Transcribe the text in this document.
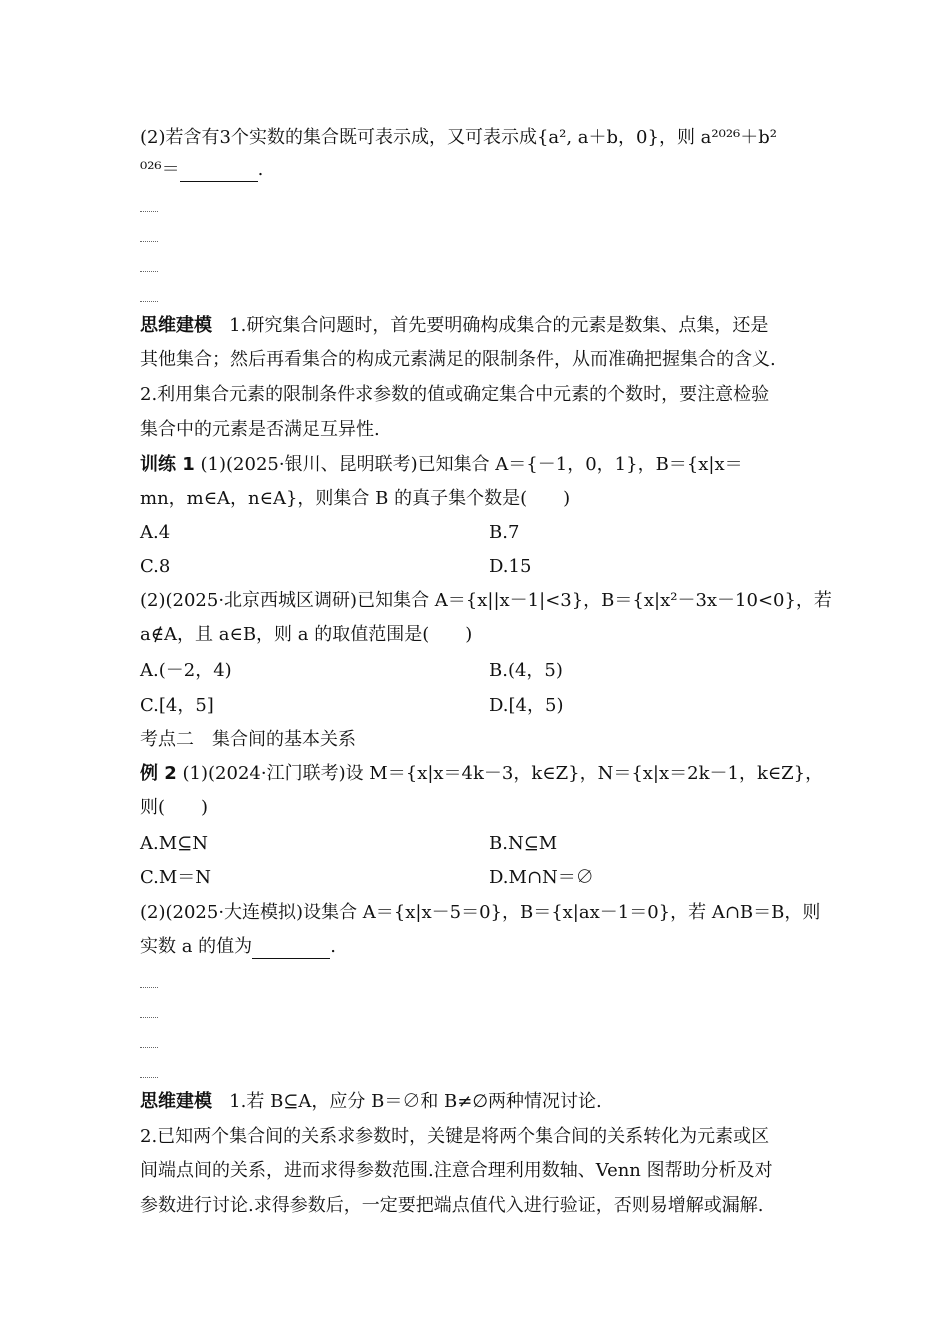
(2)若含有3个实数的集合既可表示成，又可表示成{a², a＋b，0}，则 a²⁰²⁶＋b²
⁰²⁶＝	.
思维建模 1.研究集合问题时，首先要明确构成集合的元素是数集、点集，还是
其他集合；然后再看集合的构成元素满足的限制条件，从而准确把握集合的含义.
2.利用集合元素的限制条件求参数的值或确定集合中元素的个数时，要注意检验
集合中的元素是否满足互异性.
训练 1 (1)(2025·银川、昆明联考)已知集合 A＝{－1，0，1}，B＝{x|x＝
mn，m∈A，n∈A}，则集合 B 的真子集个数是(　　)
A.4	B.7
C.8	D.15
(2)(2025·北京西城区调研)已知集合 A＝{x||x－1|<3}，B＝{x|x²－3x－10<0}，若
a∉A，且 a∈B，则 a 的取值范围是(　　)
A.(－2，4)	B.(4，5)
C.[4，5]	D.[4，5)
考点二　集合间的基本关系
例 2 (1)(2024·江门联考)设 M＝{x|x＝4k－3，k∈Z}，N＝{x|x＝2k－1，k∈Z}，
则(　　)
A.M⊆N	B.N⊆M
C.M＝N	D.M∩N＝∅
(2)(2025·大连模拟)设集合 A＝{x|x－5＝0}，B＝{x|ax－1＝0}，若 A∩B＝B，则
实数 a 的值为	.
思维建模 1.若 B⊆A，应分 B＝∅和 B≠∅两种情况讨论.
2.已知两个集合间的关系求参数时，关键是将两个集合间的关系转化为元素或区
间端点间的关系，进而求得参数范围.注意合理利用数轴、Venn 图帮助分析及对
参数进行讨论.求得参数后，一定要把端点值代入进行验证，否则易增解或漏解.
